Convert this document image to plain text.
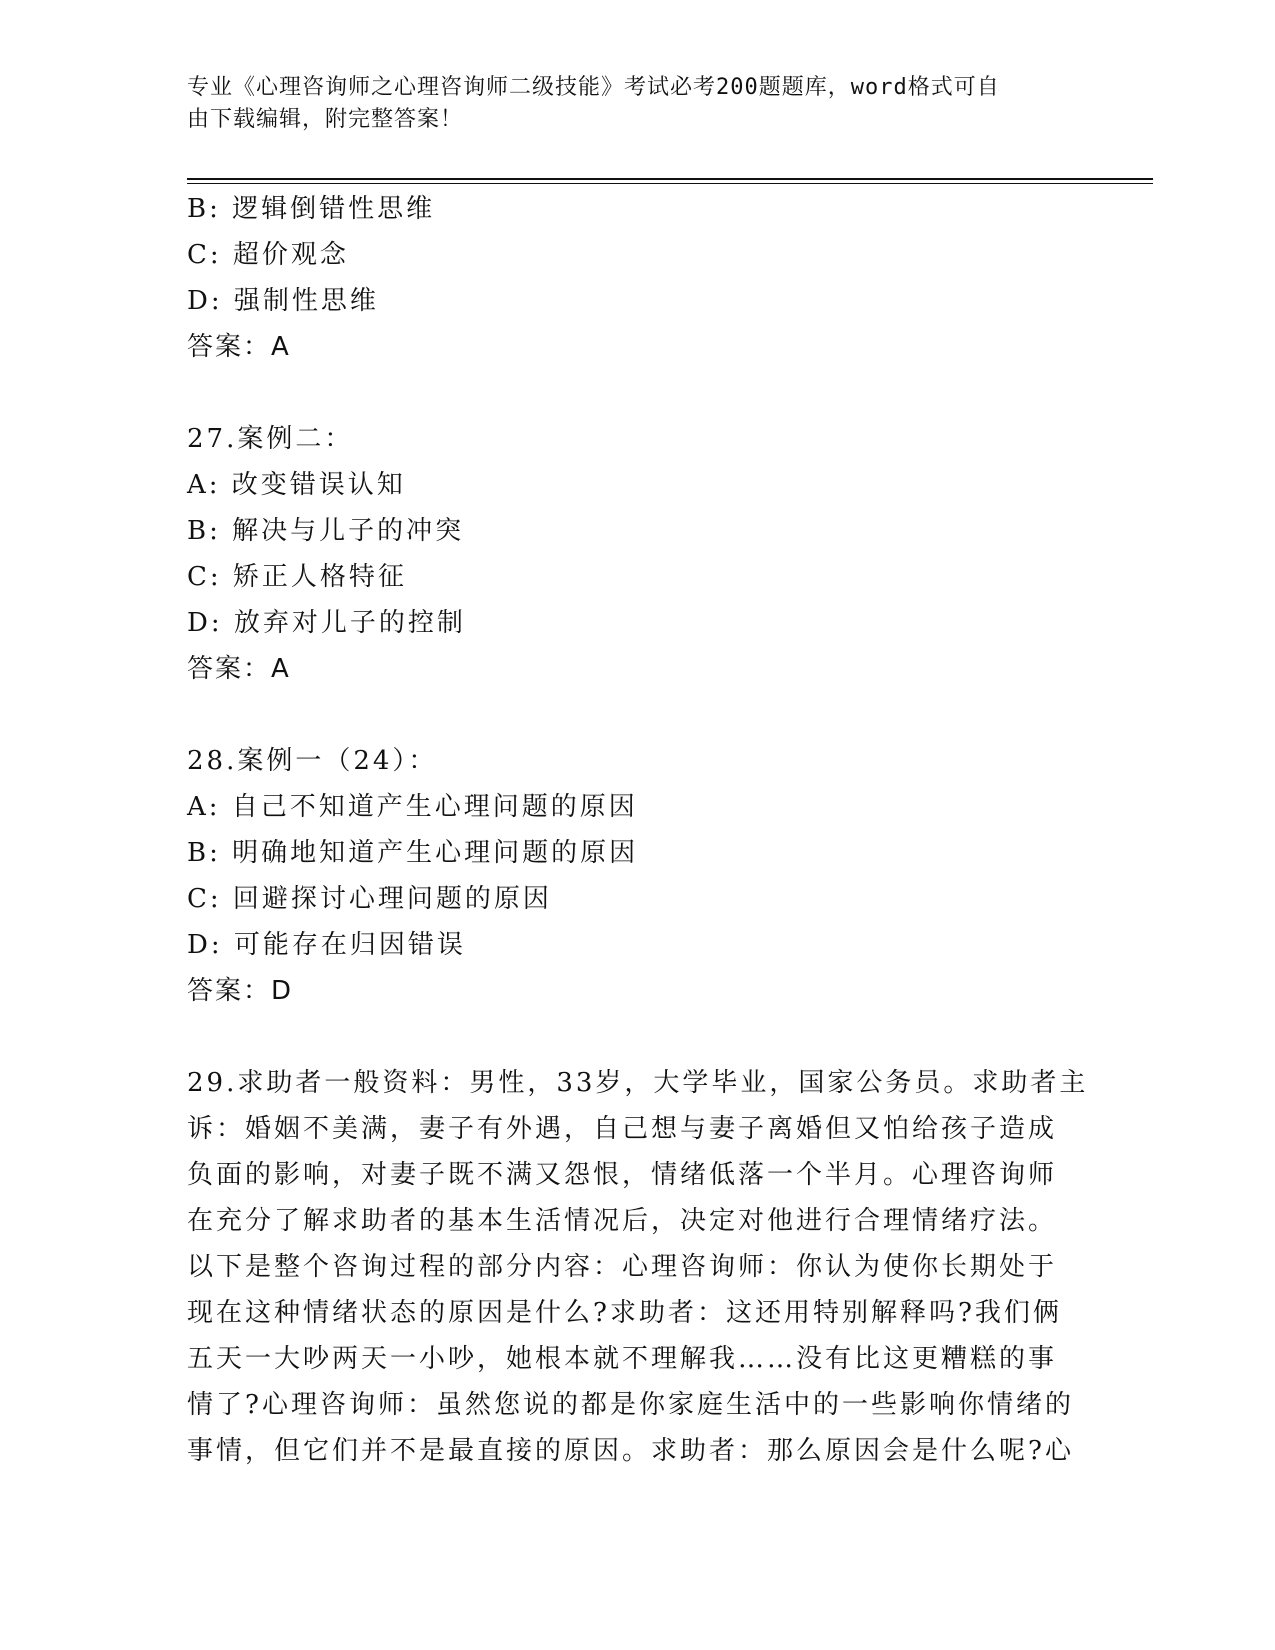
专业《心理咨询师之心理咨询师二级技能》考试必考200题题库，word格式可自
由下载编辑，附完整答案！
B: 逻辑倒错性思维
C: 超价观念
D: 强制性思维
答案：A
27.案例二：
A: 改变错误认知
B: 解决与儿子的冲突
C: 矫正人格特征
D: 放弃对儿子的控制
答案：A
28.案例一（24）：
A: 自己不知道产生心理问题的原因
B: 明确地知道产生心理问题的原因
C: 回避探讨心理问题的原因
D: 可能存在归因错误
答案：D
29.求助者一般资料：男性，33岁，大学毕业，国家公务员。求助者主
诉：婚姻不美满，妻子有外遇，自己想与妻子离婚但又怕给孩子造成
负面的影响，对妻子既不满又怨恨，情绪低落一个半月。心理咨询师
在充分了解求助者的基本生活情况后，决定对他进行合理情绪疗法。
以下是整个咨询过程的部分内容：心理咨询师：你认为使你长期处于
现在这种情绪状态的原因是什么?求助者：这还用特别解释吗?我们俩
五天一大吵两天一小吵，她根本就不理解我……没有比这更糟糕的事
情了?心理咨询师：虽然您说的都是你家庭生活中的一些影响你情绪的
事情，但它们并不是最直接的原因。求助者：那么原因会是什么呢?心
